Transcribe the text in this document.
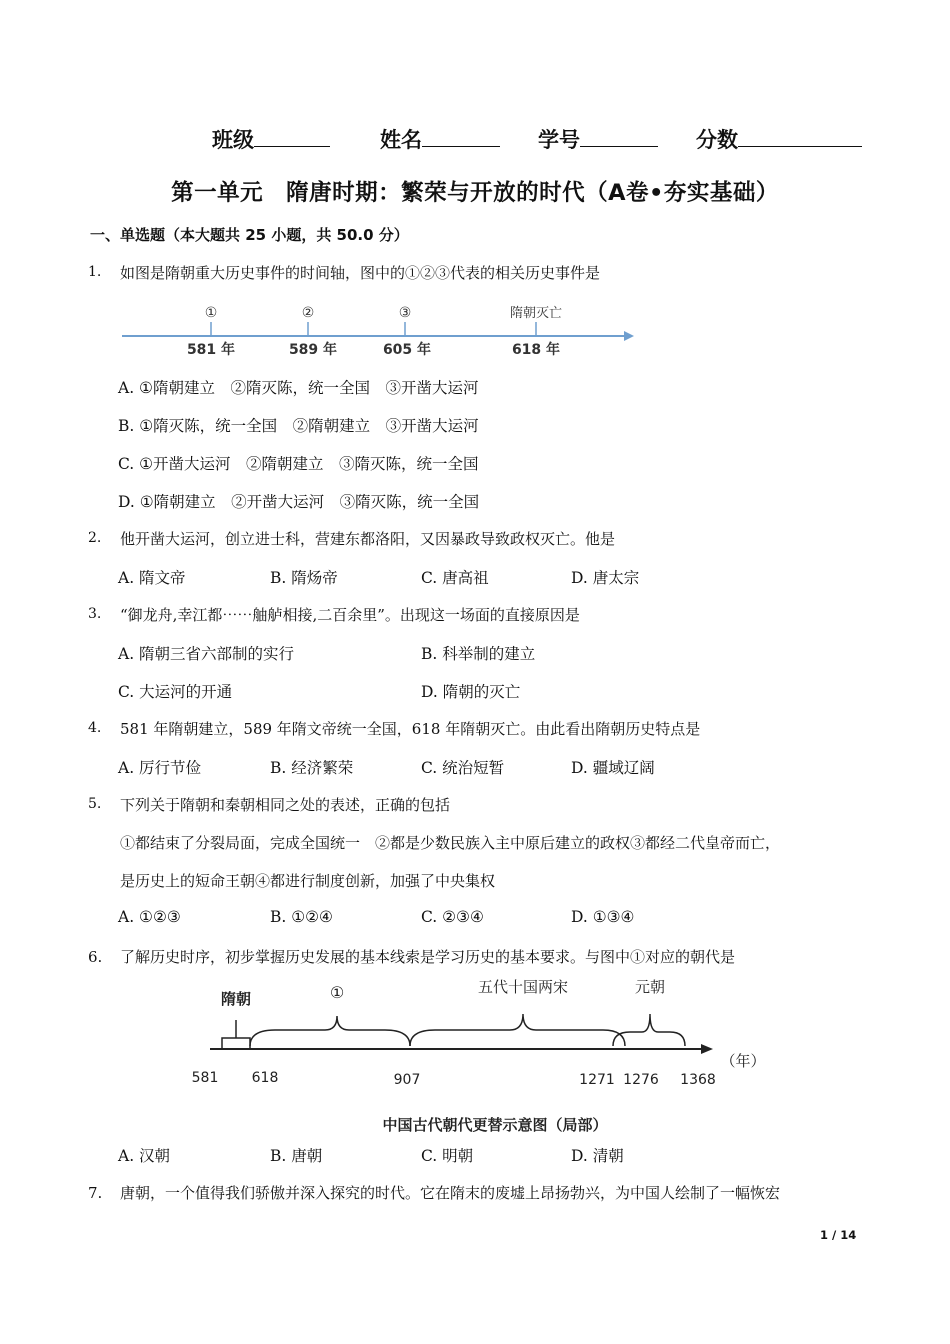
班级	姓名	学号	分数
第一单元　隋唐时期：繁荣与开放的时代（A卷•夯实基础）
一、单选题（本大题共 25 小题，共 50.0 分）
1. 如图是隋朝重大历史事件的时间轴，图中的①②③代表的相关历史事件是
①	②	③	隋朝灭亡
581 年	589 年	605 年	618 年
A. ①隋朝建立　②隋灭陈，统一全国　③开凿大运河
B. ①隋灭陈，统一全国　②隋朝建立　③开凿大运河
C. ①开凿大运河　②隋朝建立　③隋灭陈，统一全国
D. ①隋朝建立　②开凿大运河　③隋灭陈，统一全国
2. 他开凿大运河，创立进士科，营建东都洛阳，又因暴政导致政权灭亡。他是
A. 隋文帝	B. 隋炀帝	C. 唐高祖	D. 唐太宗
3. “御龙舟,幸江都⋯⋯舳舻相接,二百余里”。出现这一场面的直接原因是
A. 隋朝三省六部制的实行	B. 科举制的建立
C. 大运河的开通	D. 隋朝的灭亡
4. 581 年隋朝建立，589 年隋文帝统一全国，618 年隋朝灭亡。由此看出隋朝历史特点是
A. 厉行节俭	B. 经济繁荣	C. 统治短暂	D. 疆域辽阔
5. 下列关于隋朝和秦朝相同之处的表述，正确的包括
①都结束了分裂局面，完成全国统一　②都是少数民族入主中原后建立的政权③都经二代皇帝而亡，
是历史上的短命王朝④都进行制度创新，加强了中央集权
A. ①②③	B. ①②④	C. ②③④	D. ①③④
6. 了解历史时序，初步掌握历史发展的基本线索是学习历史的基本要求。与图中①对应的朝代是
隋朝	①	五代十国两宋	元朝
581 618	907	1271 1276 1368
（年）
中国古代朝代更替示意图（局部）
A. 汉朝	B. 唐朝	C. 明朝	D. 清朝
7. 唐朝，一个值得我们骄傲并深入探究的时代。它在隋末的废墟上昂扬勃兴，为中国人绘制了一幅恢宏
1 / 14
